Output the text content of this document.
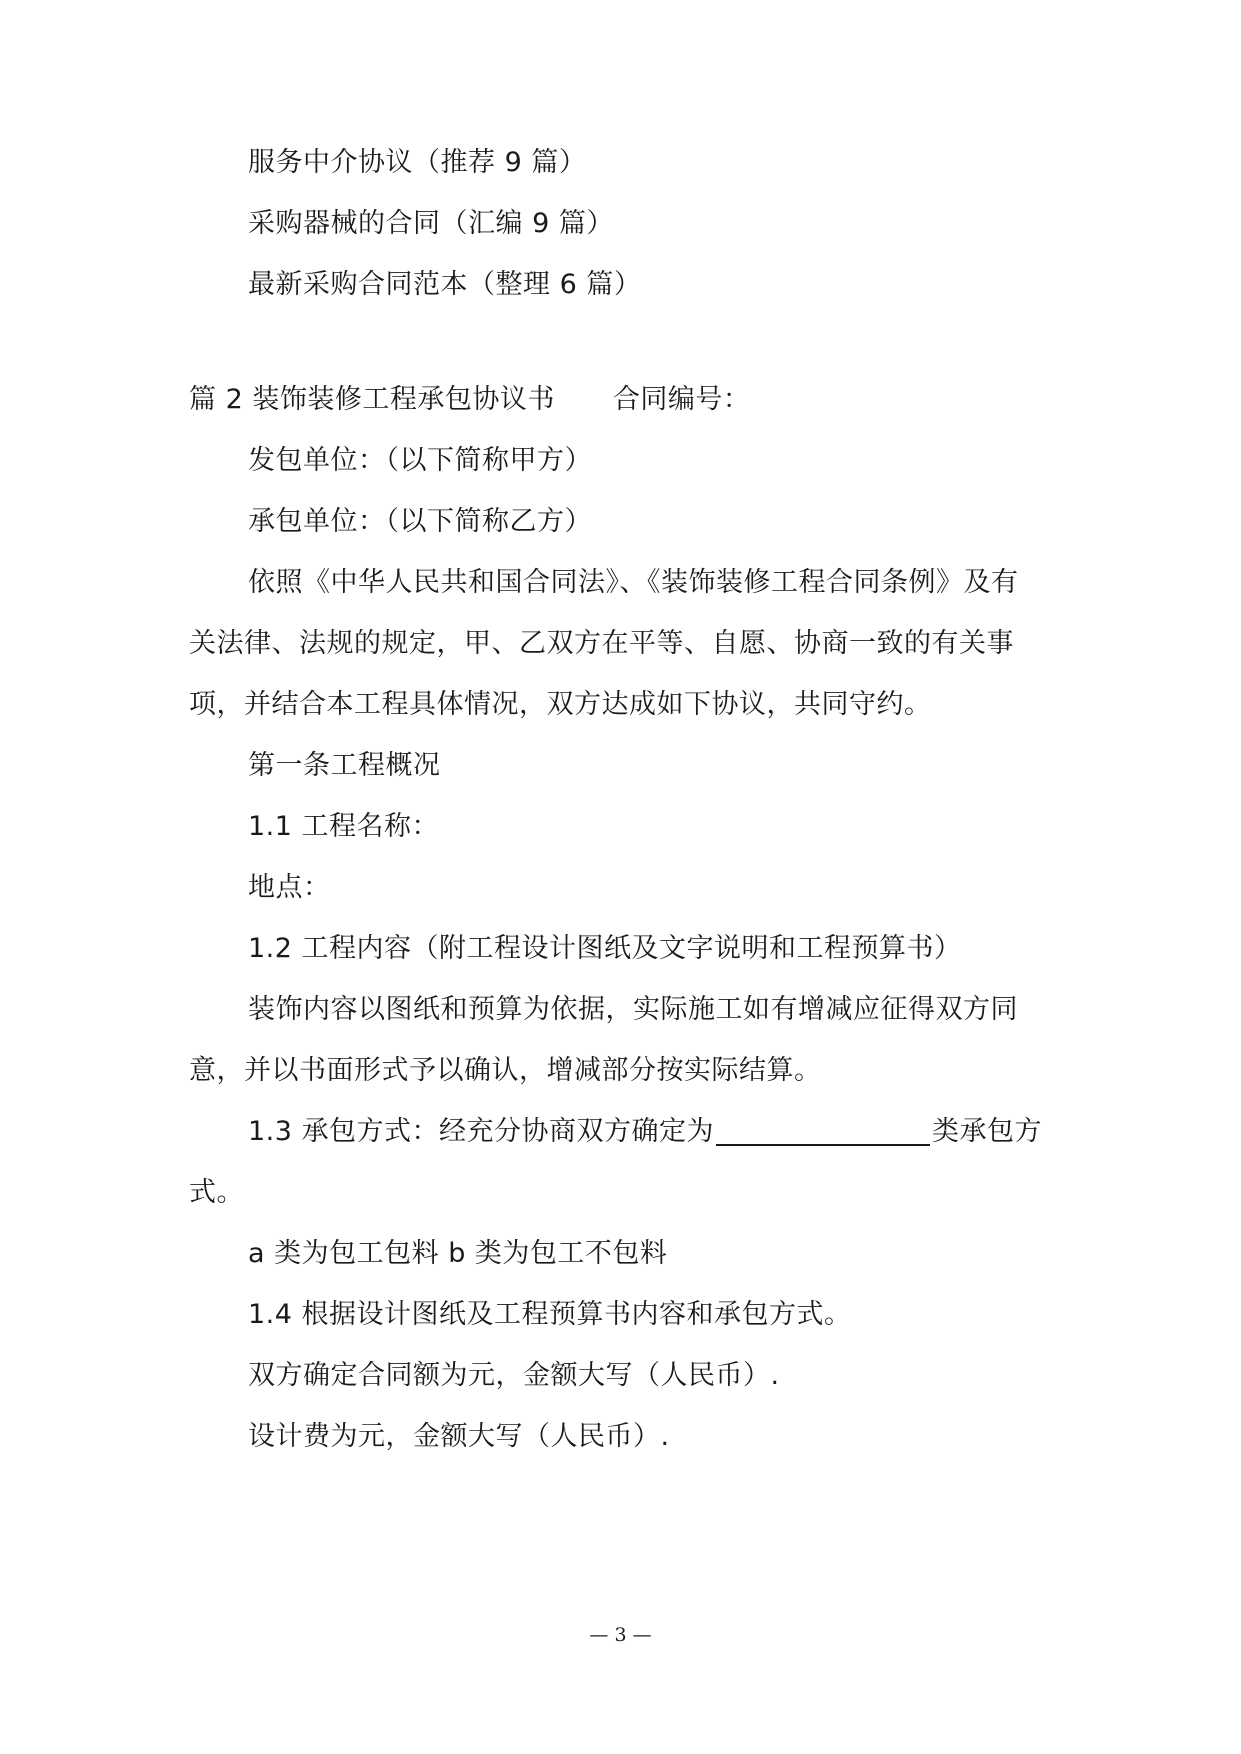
服务中介协议（推荐 9 篇）
采购器械的合同（汇编 9 篇）
最新采购合同范本（整理 6 篇）
篇 2 装饰装修工程承包协议书 合同编号：
发包单位：（以下简称甲方）
承包单位：（以下简称乙方）
依照《中华人民共和国合同法》、《装饰装修工程合同条例》及有
关法律、法规的规定，甲、乙双方在平等、自愿、协商一致的有关事
项，并结合本工程具体情况，双方达成如下协议，共同守约。
第一条工程概况
1.1 工程名称：
地点：
1.2 工程内容（附工程设计图纸及文字说明和工程预算书）
装饰内容以图纸和预算为依据，实际施工如有增减应征得双方同
意，并以书面形式予以确认，增减部分按实际结算。
1.3 承包方式：经充分协商双方确定为	类承包方
式。
a 类为包工包料 b 类为包工不包料
1.4 根据设计图纸及工程预算书内容和承包方式。
双方确定合同额为元，金额大写（人民币）.
设计费为元，金额大写（人民币）.
— 3 —
